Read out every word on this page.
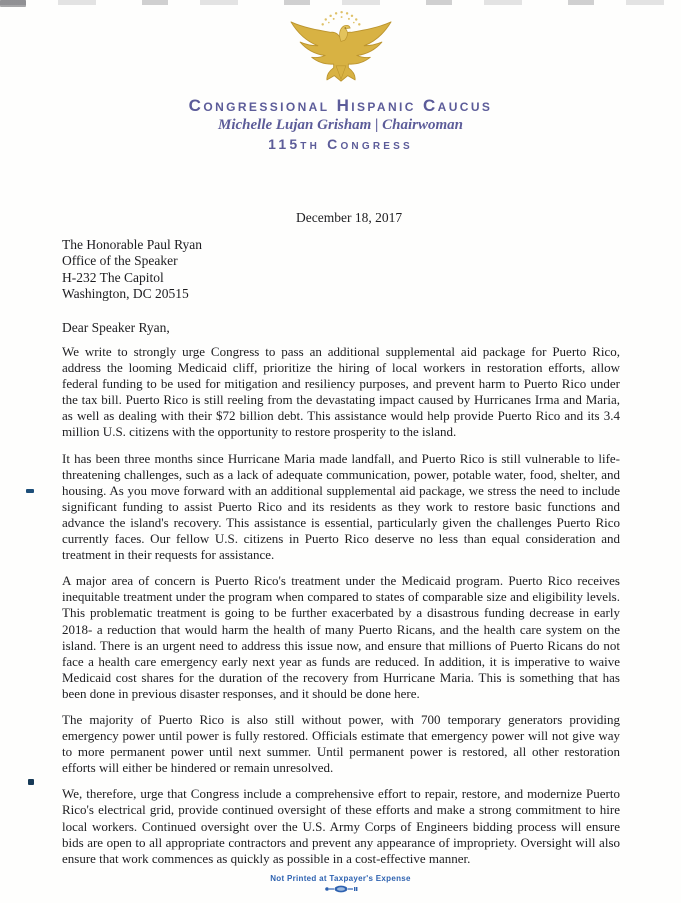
Congressional Hispanic Caucus
Michelle Lujan Grisham | Chairwoman
115th Congress
December 18, 2017
The Honorable Paul Ryan
Office of the Speaker
H-232 The Capitol
Washington, DC 20515
Dear Speaker Ryan,

We write to strongly urge Congress to pass an additional supplemental aid package for Puerto Rico, address the looming Medicaid cliff, prioritize the hiring of local workers in restoration efforts, allow federal funding to be used for mitigation and resiliency purposes, and prevent harm to Puerto Rico under the tax bill. Puerto Rico is still reeling from the devastating impact caused by Hurricanes Irma and Maria, as well as dealing with their $72 billion debt. This assistance would help provide Puerto Rico and its 3.4 million U.S. citizens with the opportunity to restore prosperity to the island.

It has been three months since Hurricane Maria made landfall, and Puerto Rico is still vulnerable to life-threatening challenges, such as a lack of adequate communication, power, potable water, food, shelter, and housing. As you move forward with an additional supplemental aid package, we stress the need to include significant funding to assist Puerto Rico and its residents as they work to restore basic functions and advance the island's recovery. This assistance is essential, particularly given the challenges Puerto Rico currently faces. Our fellow U.S. citizens in Puerto Rico deserve no less than equal consideration and treatment in their requests for assistance.

A major area of concern is Puerto Rico's treatment under the Medicaid program. Puerto Rico receives inequitable treatment under the program when compared to states of comparable size and eligibility levels. This problematic treatment is going to be further exacerbated by a disastrous funding decrease in early 2018- a reduction that would harm the health of many Puerto Ricans, and the health care system on the island. There is an urgent need to address this issue now, and ensure that millions of Puerto Ricans do not face a health care emergency early next year as funds are reduced. In addition, it is imperative to waive Medicaid cost shares for the duration of the recovery from Hurricane Maria. This is something that has been done in previous disaster responses, and it should be done here.

The majority of Puerto Rico is also still without power, with 700 temporary generators providing emergency power until power is fully restored. Officials estimate that emergency power will not give way to more permanent power until next summer. Until permanent power is restored, all other restoration efforts will either be hindered or remain unresolved.

We, therefore, urge that Congress include a comprehensive effort to repair, restore, and modernize Puerto Rico's electrical grid, provide continued oversight of these efforts and make a strong commitment to hire local workers. Continued oversight over the U.S. Army Corps of Engineers bidding process will ensure bids are open to all appropriate contractors and prevent any appearance of impropriety. Oversight will also ensure that work commences as quickly as possible in a cost-effective manner.

Not Printed at Taxpayer's Expense
